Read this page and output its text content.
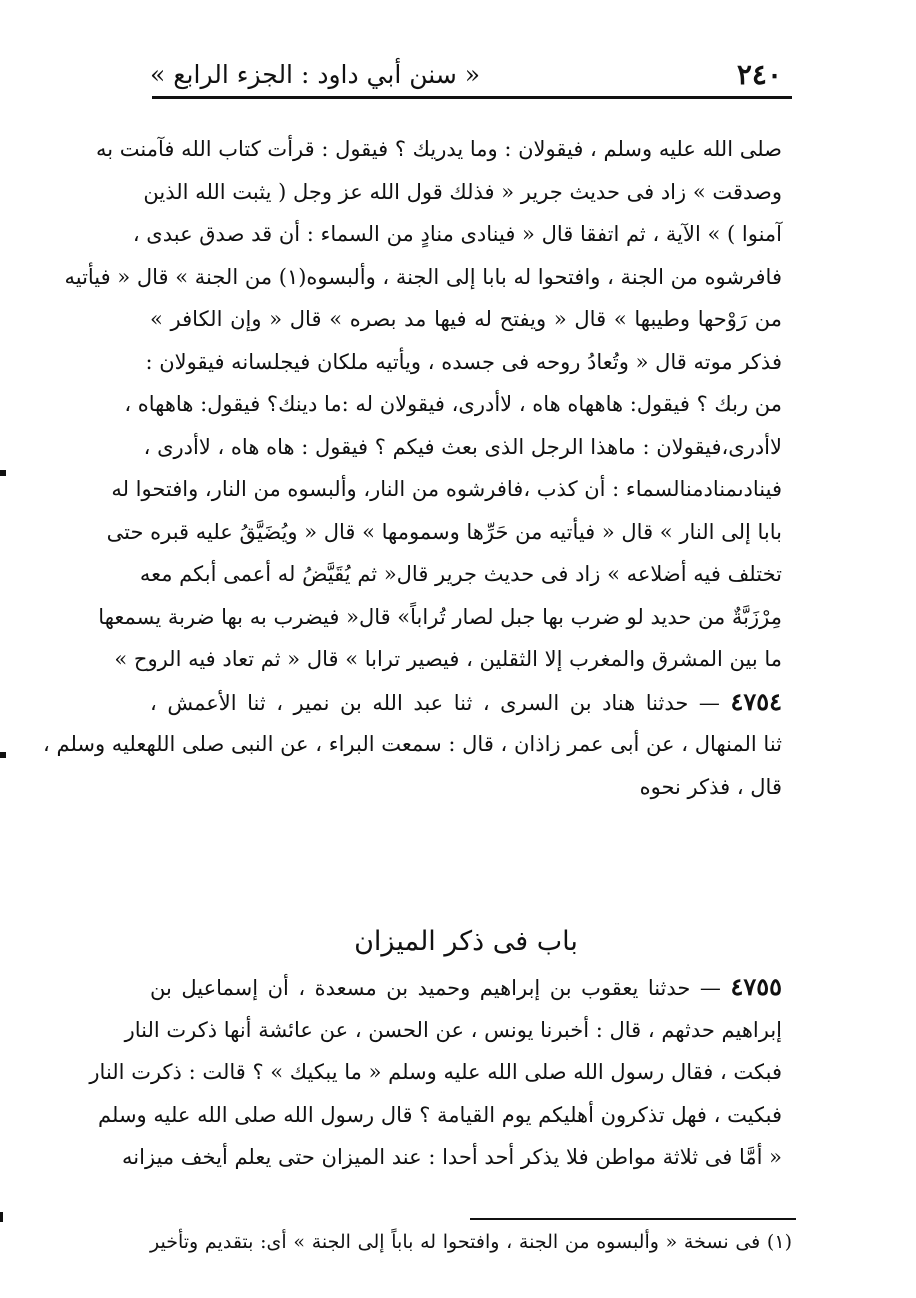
٢٤٠
« سنن أبي داود : الجزء الرابع »
صلى الله عليه وسلم ، فيقولان : وما يدريك ؟ فيقول : قرأت كتاب الله فآمنت به
وصدقت » زاد فى حديث جرير « فذلك قول الله عز وجل ( يثبت الله الذين
آمنوا ) » الآية ، ثم اتفقا قال « فينادى منادٍ من السماء : أن قد صدق عبدى ،
فافرشوه من الجنة ، وافتحوا له بابا إلى الجنة ، وألبسوه(١) من الجنة » قال « فيأتيه
من رَوْحها وطيبها » قال « ويفتح له فيها مد بصره » قال « وإن الكافر »
فذكر موته قال « وتُعادُ روحه فى جسده ، ويأتيه ملكان فيجلسانه فيقولان :
من ربك ؟ فيقول: هاههاه هاه ، لاأدرى، فيقولان له :ما دينك؟ فيقول: هاههاه ،
لاأدرى،فيقولان : ماهذا الرجل الذى بعث فيكم ؟ فيقول : هاه هاه ، لاأدرى ،
فينادىمنادمنالسماء : أن كذب ،فافرشوه من النار، وألبسوه من النار، وافتحوا له
بابا إلى النار » قال « فيأتيه من حَرِّها وسمومها » قال « ويُضَيَّقُ عليه قبره حتى
تختلف فيه أضلاعه » زاد فى حديث جرير قال« ثم يُقَيَّضُ له أعمى أبكم معه
مِرْزَبَّةٌ من حديد لو ضرب بها جبل لصار تُراباً» قال« فيضرب به بها ضربة يسمعها
ما بين المشرق والمغرب إلا الثقلين ، فيصير ترابا » قال « ثم تعاد فيه الروح »
٤٧٥٤ — حدثنا هناد بن السرى ، ثنا عبد الله بن نمير ، ثنا الأعمش ،
ثنا المنهال ، عن أبى عمر زاذان ، قال : سمعت البراء ، عن النبى صلى اللهعليه وسلم ،
قال ، فذكر نحوه
باب فى ذكر الميزان
٤٧٥٥ — حدثنا يعقوب بن إبراهيم وحميد بن مسعدة ، أن إسماعيل بن
إبراهيم حدثهم ، قال : أخبرنا يونس ، عن الحسن ، عن عائشة أنها ذكرت النار
فبكت ، فقال رسول الله صلى الله عليه وسلم « ما يبكيك » ؟ قالت : ذكرت النار
فبكيت ، فهل تذكرون أهليكم يوم القيامة ؟ قال رسول الله صلى الله عليه وسلم
« أمَّا فى ثلاثة مواطن فلا يذكر أحد أحدا : عند الميزان حتى يعلم أيخف ميزانه
(١) فى نسخة « وألبسوه من الجنة ، وافتحوا له باباً إلى الجنة » أى: بتقديم وتأخير
